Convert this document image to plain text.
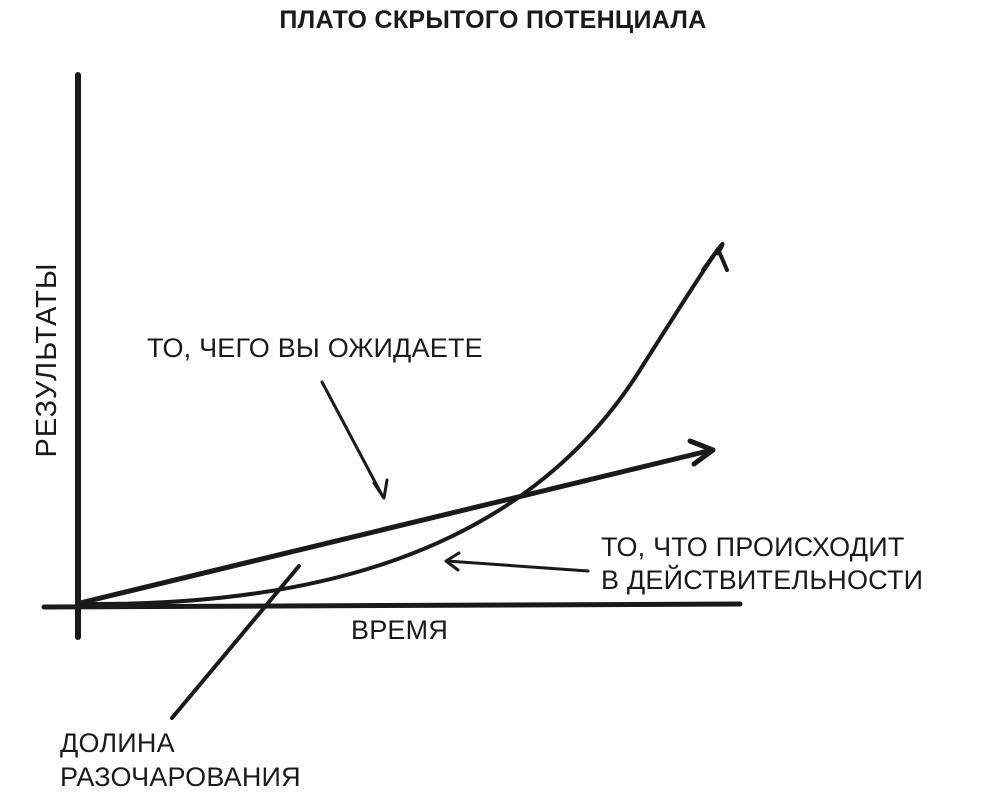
ПЛАТО СКРЫТОГО ПОТЕНЦИАЛА
РЕЗУЛЬТАТЫ
ВРЕМЯ
ТО, ЧЕГО ВЫ ОЖИДАЕТЕ
ТО, ЧТО ПРОИСХОДИТ
В ДЕЙСТВИТЕЛЬНОСТИ
ДОЛИНА
РАЗОЧАРОВАНИЯ
